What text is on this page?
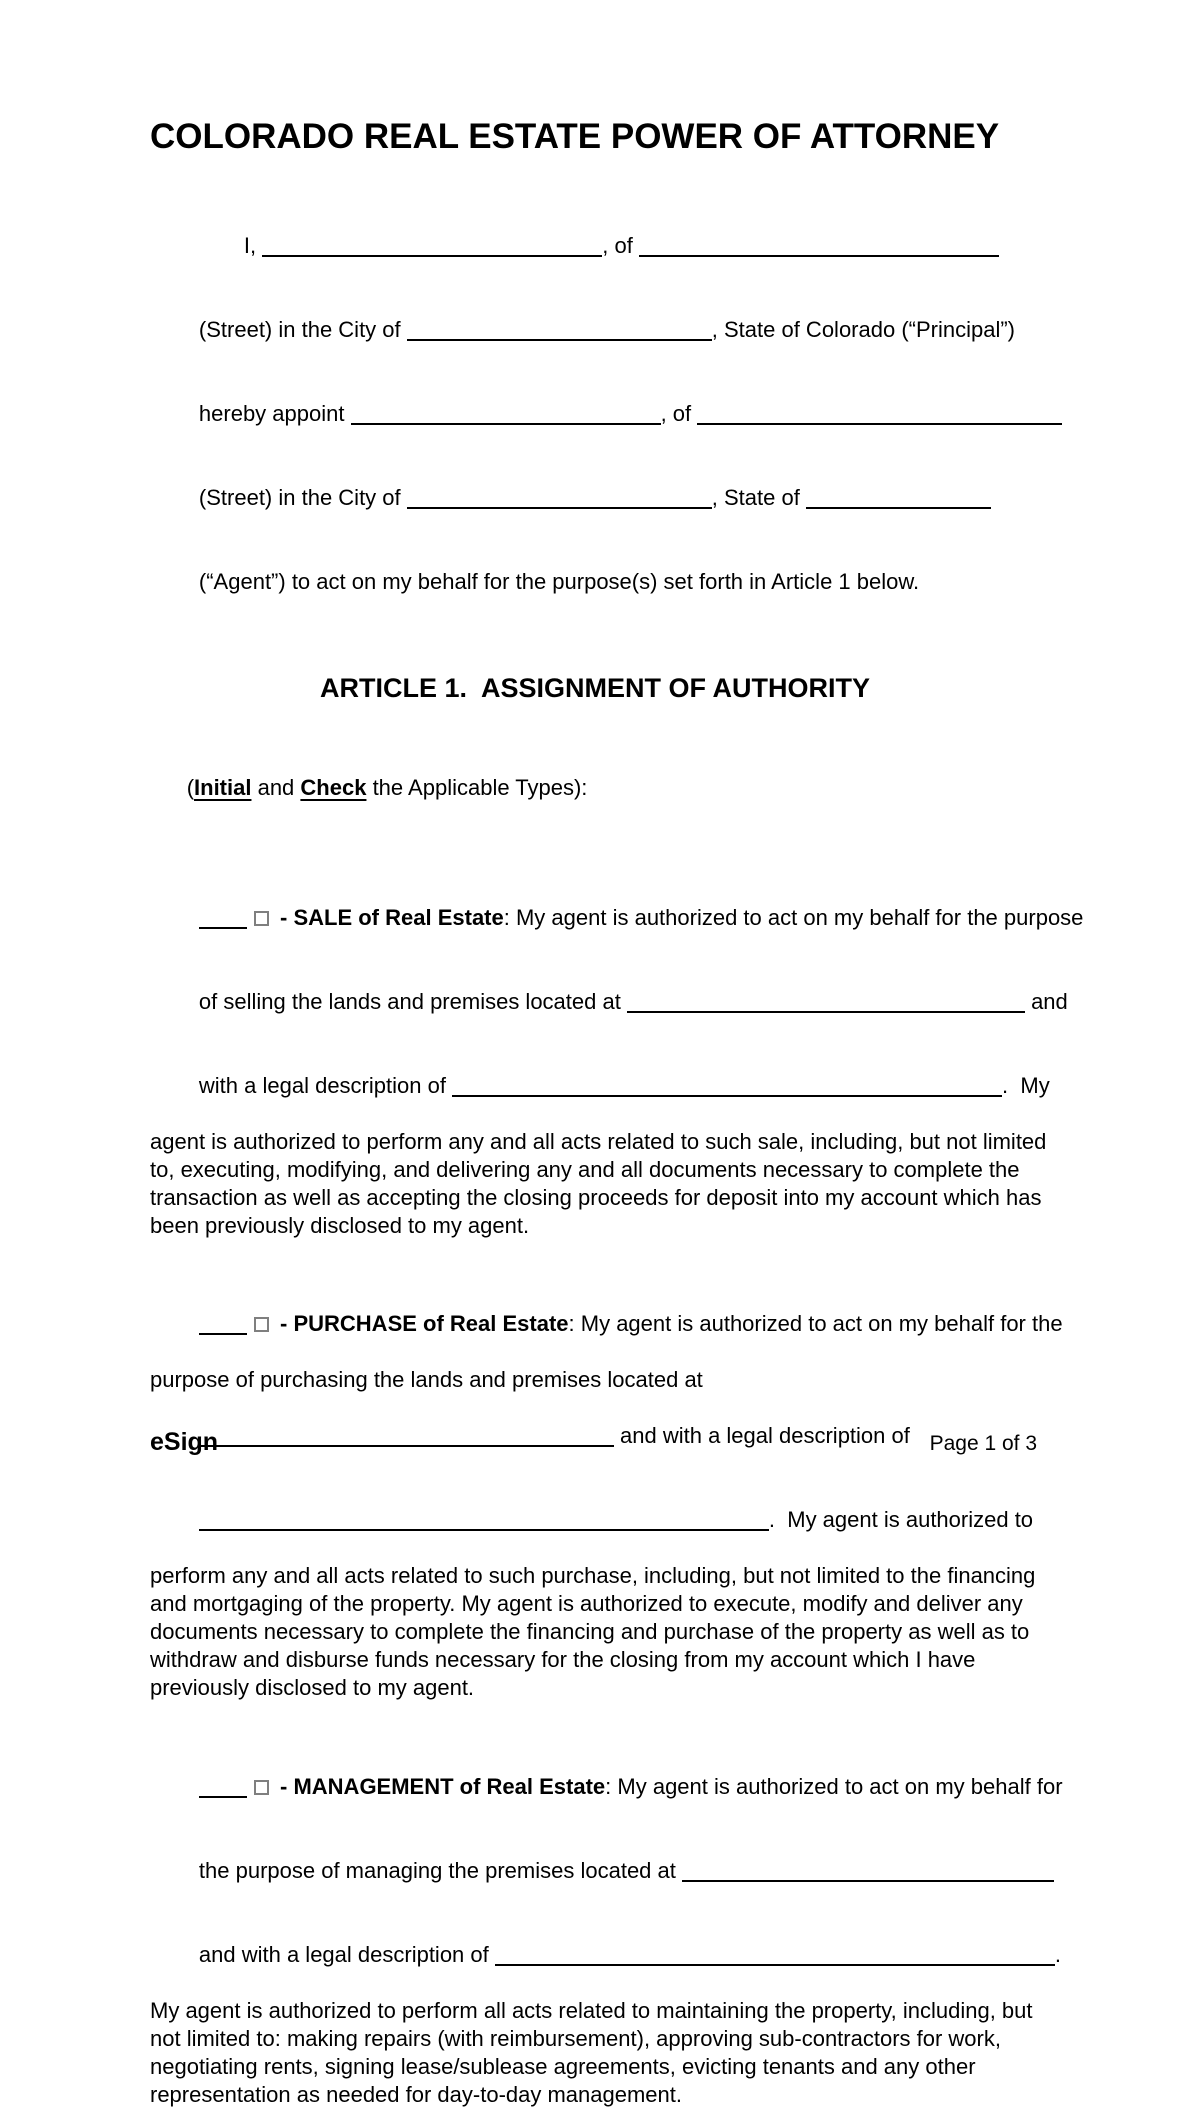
COLORADO REAL ESTATE POWER OF ATTORNEY

I,	, of

(Street) in the City of	, State of Colorado (“Principal”)

hereby appoint	, of

(Street) in the City of	, State of

(“Agent”) to act on my behalf for the purpose(s) set forth in Article 1 below.

ARTICLE 1.  ASSIGNMENT OF AUTHORITY

(Initial and Check the Applicable Types):

- SALE of Real Estate: My agent is authorized to act on my behalf for the purpose

of selling the lands and premises located at	and

with a legal description of	.  My

agent is authorized to perform any and all acts related to such sale, including, but not limited
to, executing, modifying, and delivering any and all documents necessary to complete the
transaction as well as accepting the closing proceeds for deposit into my account which has
been previously disclosed to my agent.

- PURCHASE of Real Estate: My agent is authorized to act on my behalf for the

purpose of purchasing the lands and premises located at

and with a legal description of

.  My agent is authorized to

perform any and all acts related to such purchase, including, but not limited to the financing
and mortgaging of the property. My agent is authorized to execute, modify and deliver any
documents necessary to complete the financing and purchase of the property as well as to
withdraw and disburse funds necessary for the closing from my account which I have
previously disclosed to my agent.

- MANAGEMENT of Real Estate: My agent is authorized to act on my behalf for

the purpose of managing the premises located at

and with a legal description of	.

My agent is authorized to perform all acts related to maintaining the property, including, but
not limited to: making repairs (with reimbursement), approving sub-contractors for work,
negotiating rents, signing lease/sublease agreements, evicting tenants and any other
representation as needed for day-to-day management.
eSign	Page 1 of 3
